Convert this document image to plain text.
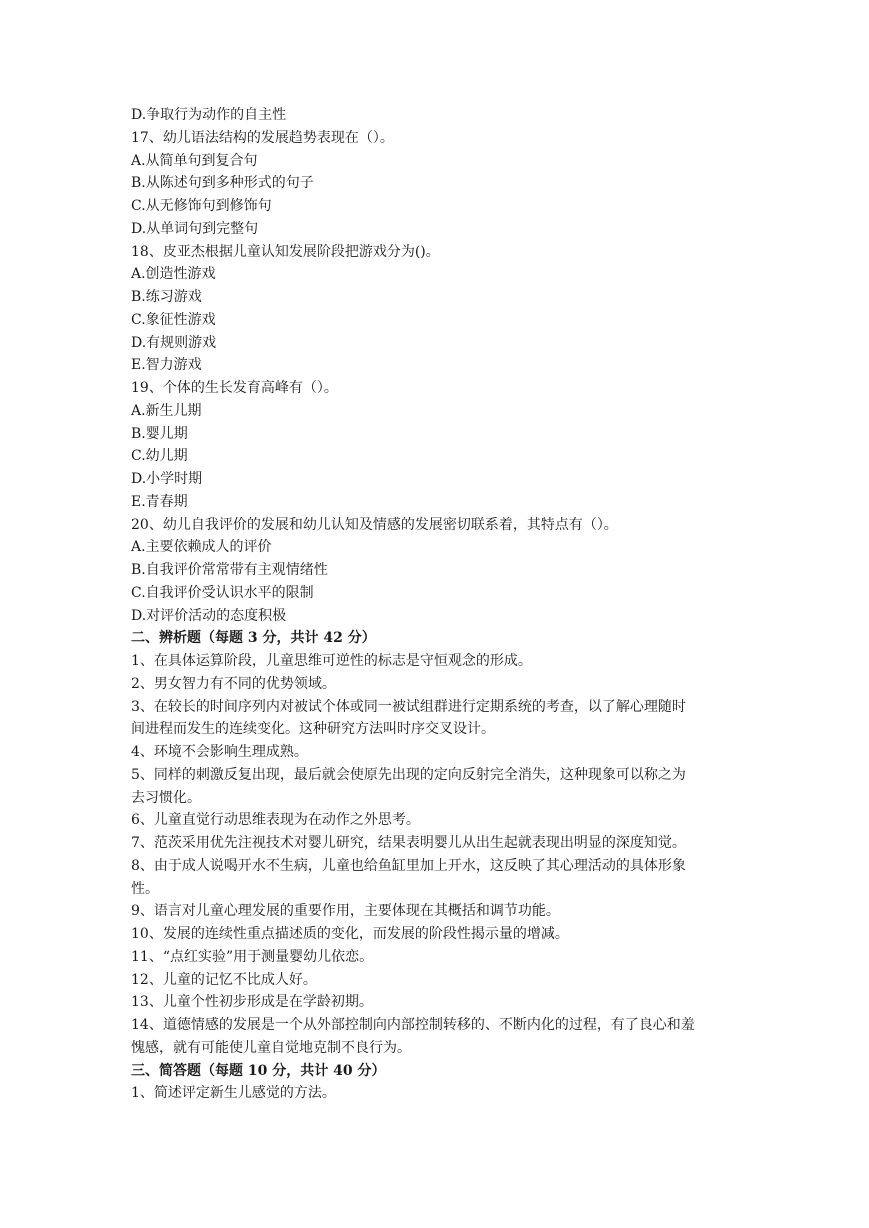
D.争取行为动作的自主性
17、幼儿语法结构的发展趋势表现在（）。
A.从简单句到复合句
B.从陈述句到多种形式的句子
C.从无修饰句到修饰句
D.从单词句到完整句
18、皮亚杰根据儿童认知发展阶段把游戏分为()。
A.创造性游戏
B.练习游戏
C.象征性游戏
D.有规则游戏
E.智力游戏
19、个体的生长发育高峰有（）。
A.新生儿期
B.婴儿期
C.幼儿期
D.小学时期
E.青春期
20、幼儿自我评价的发展和幼儿认知及情感的发展密切联系着，其特点有（）。
A.主要依赖成人的评价
B.自我评价常常带有主观情绪性
C.自我评价受认识水平的限制
D.对评价活动的态度积极
二、辨析题（每题 3 分，共计 42 分）
1、在具体运算阶段，儿童思维可逆性的标志是守恒观念的形成。
2、男女智力有不同的优势领域。
3、在较长的时间序列内对被试个体或同一被试组群进行定期系统的考查，以了解心理随时
间进程而发生的连续变化。这种研究方法叫时序交叉设计。
4、环境不会影响生理成熟。
5、同样的刺激反复出现，最后就会使原先出现的定向反射完全消失，这种现象可以称之为
去习惯化。
6、儿童直觉行动思维表现为在动作之外思考。
7、范茨采用优先注视技术对婴儿研究，结果表明婴儿从出生起就表现出明显的深度知觉。
8、由于成人说喝开水不生病，儿童也给鱼缸里加上开水，这反映了其心理活动的具体形象
性。
9、语言对儿童心理发展的重要作用，主要体现在其概括和调节功能。
10、发展的连续性重点描述质的变化，而发展的阶段性揭示量的增减。
11、“点红实验”用于测量婴幼儿依恋。
12、儿童的记忆不比成人好。
13、儿童个性初步形成是在学龄初期。
14、道德情感的发展是一个从外部控制向内部控制转移的、不断内化的过程，有了良心和羞
愧感，就有可能使儿童自觉地克制不良行为。
三、简答题（每题 10 分，共计 40 分）
1、简述评定新生儿感觉的方法。
